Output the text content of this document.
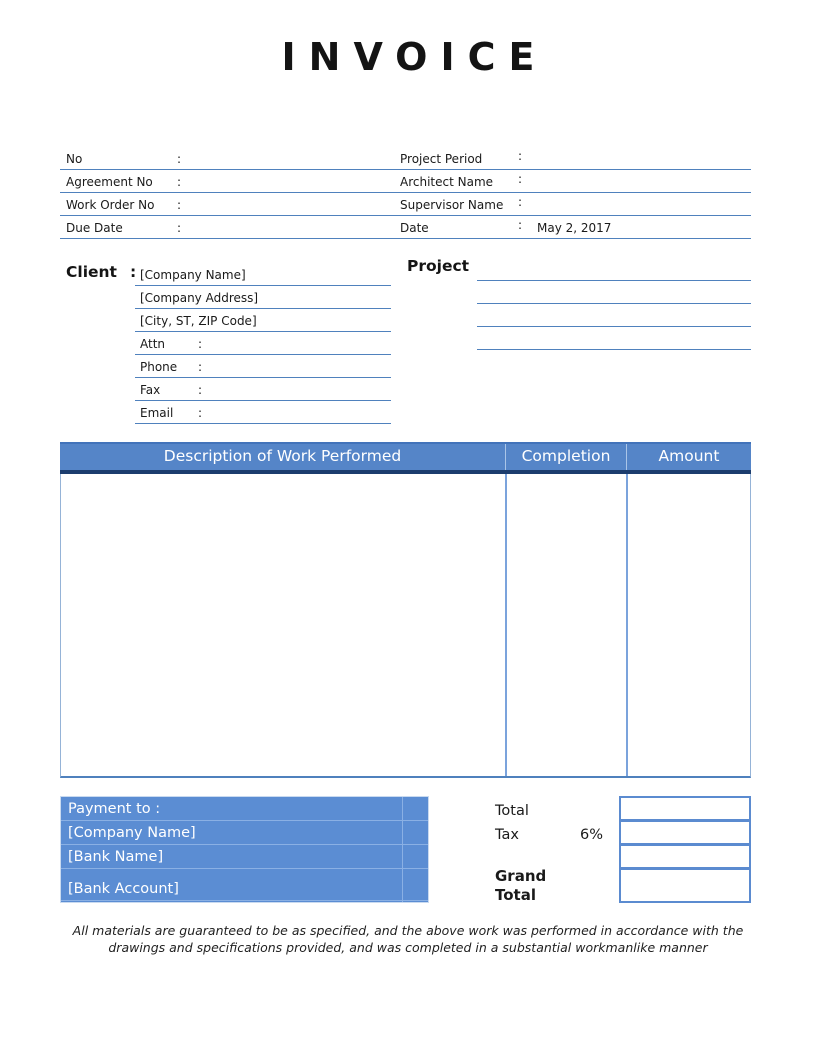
INVOICE
No	:	Project Period	:
Agreement No :	Architect Name :
Work Order No :	Supervisor Name :
Due Date	:	Date	: May 2, 2017
Client : [Company Name]
[Company Address]
[City, ST, ZIP Code]
Attn	:
Phone :
Fax	:
Email :
Project
Description of Work Performed	Completion	Amount
Payment to :
[Company Name]
[Bank Name]
[Bank Account]
Total
Tax	6%
Grand Total
All materials are guaranteed to be as specified, and the above work was performed in accordance with the drawings and specifications provided, and was completed in a substantial workmanlike manner
